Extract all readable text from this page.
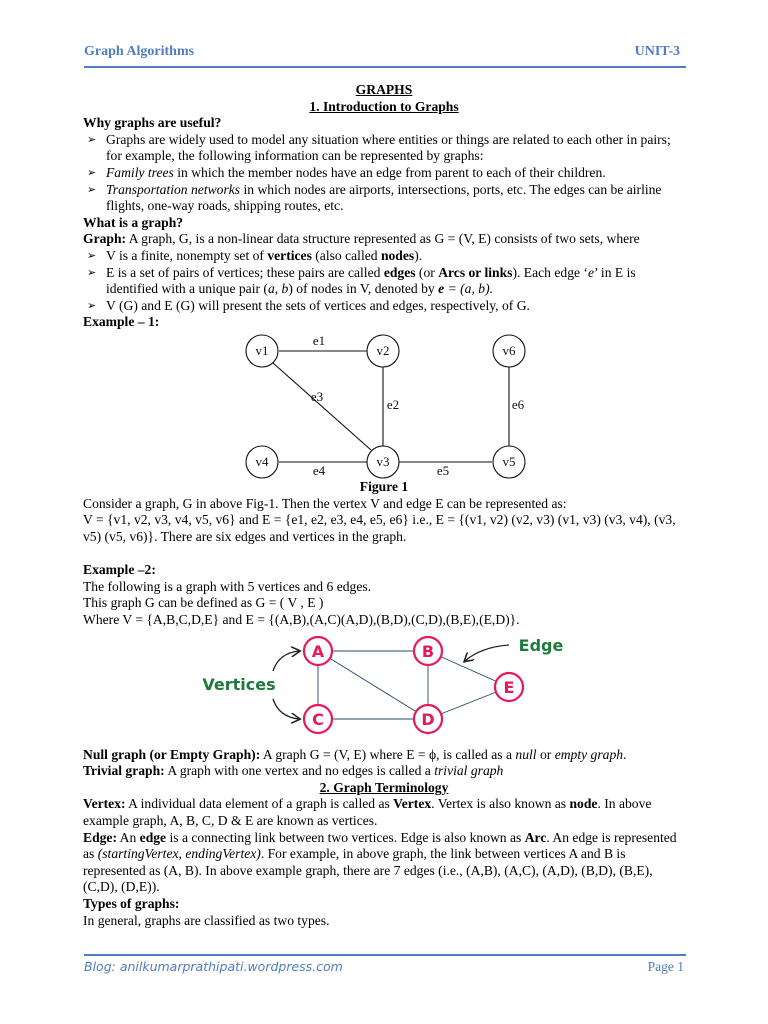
Graph Algorithms	UNIT-3
GRAPHS
1. Introduction to Graphs
Why graphs are useful?
➢ Graphs are widely used to model any situation where entities or things are related to each other in pairs; for example, the following information can be represented by graphs:
➢ Family trees in which the member nodes have an edge from parent to each of their children.
➢ Transportation networks in which nodes are airports, intersections, ports, etc. The edges can be airline flights, one-way roads, shipping routes, etc.
What is a graph?
Graph: A graph, G, is a non-linear data structure represented as G = (V, E) consists of two sets, where
➢ V is a finite, nonempty set of vertices (also called nodes).
➢ E is a set of pairs of vertices; these pairs are called edges (or Arcs or links). Each edge ‘e’ in E is identified with a unique pair (a, b) of nodes in V, denoted by e = (a, b).
➢ V (G) and E (G) will present the sets of vertices and edges, respectively, of G.
Example – 1:
v1	v2	v6
v4	v3	v5
e1
e2
e3
e4	e5
e6
Figure 1
Consider a graph, G in above Fig-1. Then the vertex V and edge E can be represented as:
V = {v1, v2, v3, v4, v5, v6} and E = {e1, e2, e3, e4, e5, e6} i.e., E = {(v1, v2) (v2, v3) (v1, v3) (v3, v4), (v3, v5) (v5, v6)}. There are six edges and vertices in the graph.
Example –2:
The following is a graph with 5 vertices and 6 edges.
This graph G can be defined as G = ( V , E )
Where V = {A,B,C,D,E} and E = {(A,B),(A,C)(A,D),(B,D),(C,D),(B,E),(E,D)}.
A	B
C	D
E
Vertices
Edge
Null graph (or Empty Graph): A graph G = (V, E) where E = ϕ, is called as a null or empty graph.
Trivial graph: A graph with one vertex and no edges is called a trivial graph
2. Graph Terminology
Vertex: A individual data element of a graph is called as Vertex. Vertex is also known as node. In above example graph, A, B, C, D & E are known as vertices.
Edge: An edge is a connecting link between two vertices. Edge is also known as Arc. An edge is represented as (startingVertex, endingVertex). For example, in above graph, the link between vertices A and B is represented as (A, B). In above example graph, there are 7 edges (i.e., (A,B), (A,C), (A,D), (B,D), (B,E), (C,D), (D,E)).
Types of graphs:
In general, graphs are classified as two types.
Blog: anilkumarprathipati.wordpress.com	Page 1
